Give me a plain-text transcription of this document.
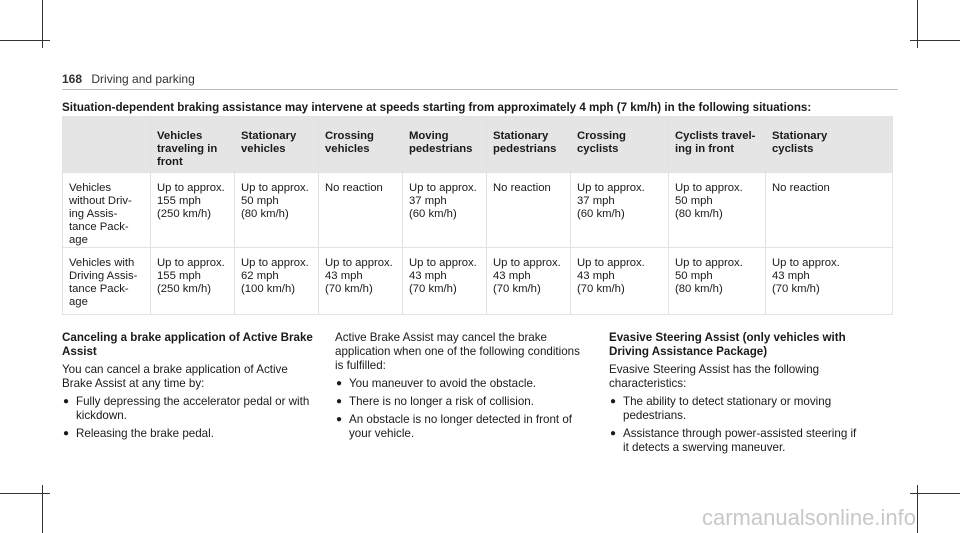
168 Driving and parking
Situation-dependent braking assistance may intervene at speeds starting from approximately 4 mph (7 km/h) in the following situations:
	Vehicles
traveling in
front	Stationary
vehicles	Crossing
vehicles	Moving
pedestrians	Stationary
pedestrians	Crossing
cyclists	Cyclists travel-
ing in front	Stationary
cyclists
Vehicles
without Driv-
ing Assis-
tance Pack-
age	Up to approx.
155 mph
(250 km/h)	Up to approx.
50 mph
(80 km/h)	No reaction	Up to approx.
37 mph
(60 km/h)	No reaction	Up to approx.
37 mph
(60 km/h)	Up to approx.
50 mph
(80 km/h)	No reaction
Vehicles with
Driving Assis-
tance Pack-
age	Up to approx.
155 mph
(250 km/h)	Up to approx.
62 mph
(100 km/h)	Up to approx.
43 mph
(70 km/h)	Up to approx.
43 mph
(70 km/h)	Up to approx.
43 mph
(70 km/h)	Up to approx.
43 mph
(70 km/h)	Up to approx.
50 mph
(80 km/h)	Up to approx.
43 mph
(70 km/h)
Canceling a brake application of Active Brake Assist

You can cancel a brake application of Active Brake Assist at any time by:

● Fully depressing the accelerator pedal or with kickdown.
● Releasing the brake pedal.

Active Brake Assist may cancel the brake application when one of the following conditions is fulfilled:

● You maneuver to avoid the obstacle.
● There is no longer a risk of collision.
● An obstacle is no longer detected in front of your vehicle.
Evasive Steering Assist (only vehicles with Driving Assistance Package)

Evasive Steering Assist has the following characteristics:

● The ability to detect stationary or moving pedestrians.
● Assistance through power-assisted steering if it detects a swerving maneuver.
carmanualsonline.info
